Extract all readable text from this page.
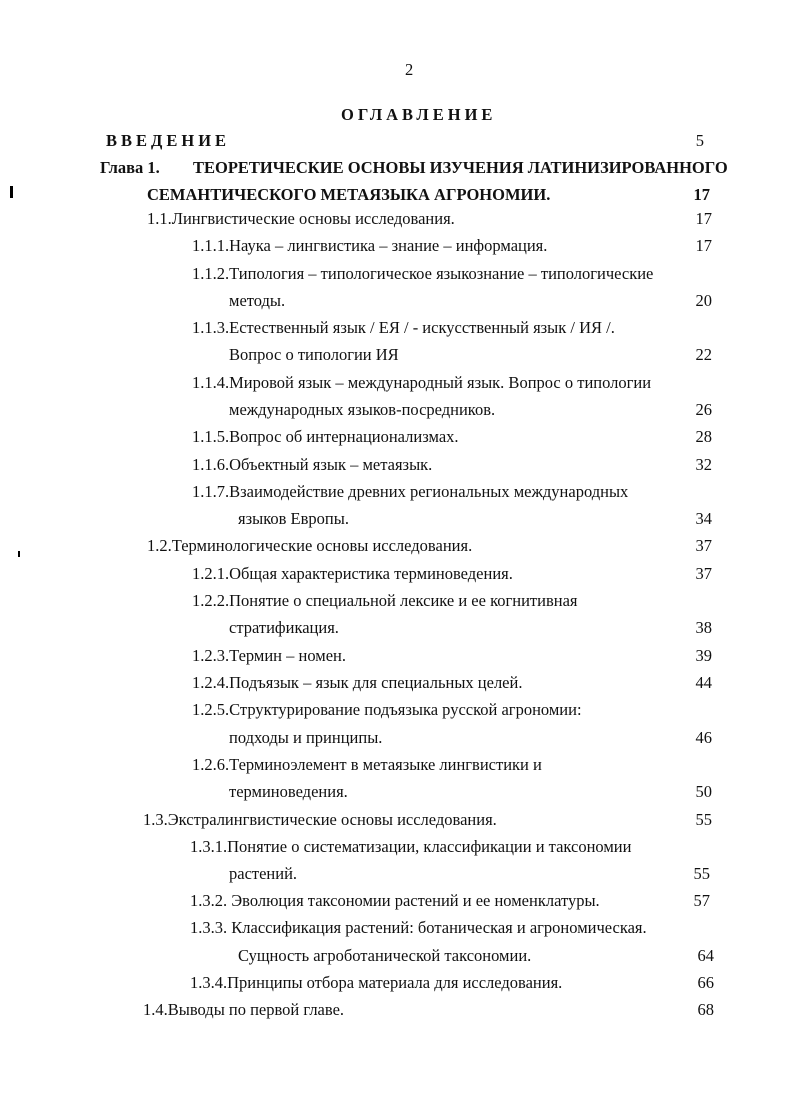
2
ОГЛАВЛЕНИЕ
ВВЕДЕНИЕ	5
Глава 1. ТЕОРЕТИЧЕСКИЕ ОСНОВЫ ИЗУЧЕНИЯ ЛАТИНИЗИРОВАННОГО
СЕМАНТИЧЕСКОГО МЕТАЯЗЫКА АГРОНОМИИ.	17
1.1.Лингвистические основы исследования.	17
1.1.1.Наука – лингвистика – знание – информация.	17
1.1.2.Типология – типологическое языкознание – типологические
методы.	20
1.1.3.Естественный язык / ЕЯ / - искусственный язык / ИЯ /.
Вопрос о типологии ИЯ	22
1.1.4.Мировой язык – международный язык. Вопрос о типологии
международных языков-посредников.	26
1.1.5.Вопрос об интернационализмах.	28
1.1.6.Объектный язык – метаязык.	32
1.1.7.Взаимодействие древних региональных международных
языков Европы.	34
1.2.Терминологические основы исследования.	37
1.2.1.Общая характеристика терминоведения.	37
1.2.2.Понятие о специальной лексике и ее когнитивная
стратификация.	38
1.2.3.Термин – номен.	39
1.2.4.Подъязык – язык для специальных целей.	44
1.2.5.Структурирование подъязыка русской агрономии:
подходы и принципы.	46
1.2.6.Терминоэлемент в метаязыке лингвистики и
терминоведения.	50
1.3.Экстралингвистические основы исследования.	55
1.3.1.Понятие о систематизации, классификации и таксономии
растений.	55
1.3.2. Эволюция таксономии растений и ее номенклатуры.	57
1.3.3. Классификация растений: ботаническая и агрономическая.
Сущность агроботанической таксономии.	64
1.3.4.Принципы отбора материала для исследования.	66
1.4.Выводы по первой главе.	68
